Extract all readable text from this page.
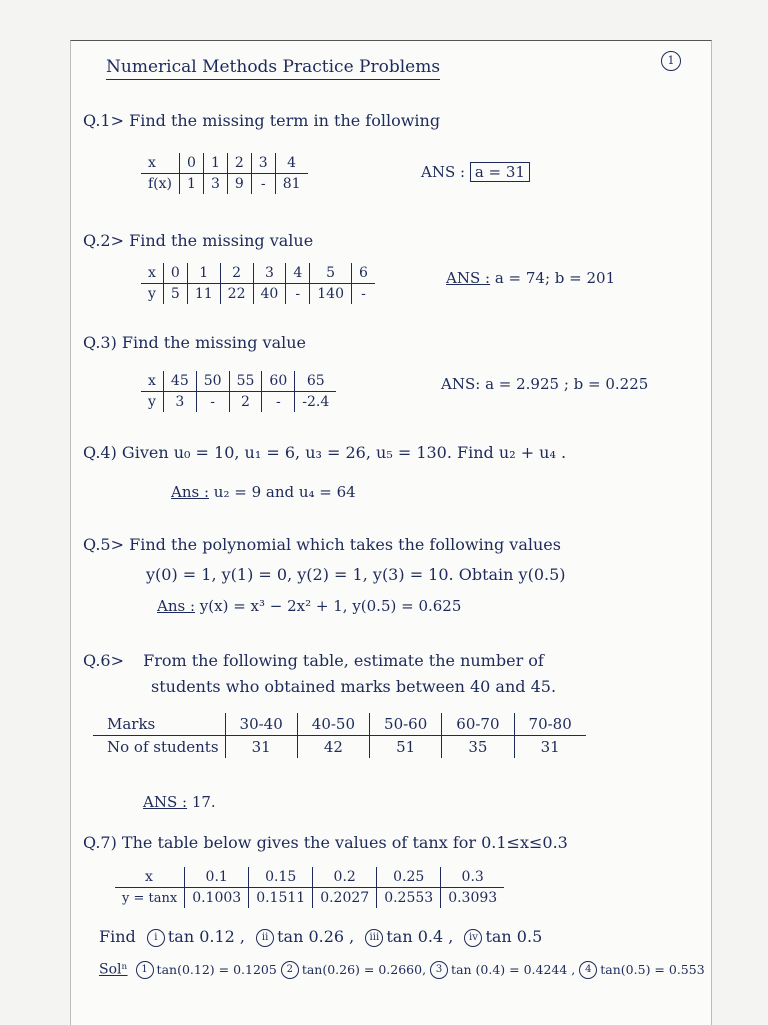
Numerical Methods Practice Problems	1
Q.1> Find the missing term in the following
x	0	1	2	3	4
f(x)	1	3	9	-	81
ANS : a = 31
Q.2> Find the missing value
x	0	1	2	3	4	5	6
y	5	11	22	40	-	140	-
ANS : a = 74; b = 201
Q.3) Find the missing value
x	45	50	55	60	65
y	3	-	2	-	-2.4
ANS: a = 2.925 ; b = 0.225
Q.4) Given u₀ = 10, u₁ = 6, u₃ = 26, u₅ = 130. Find u₂ + u₄ .
Ans : u₂ = 9 and u₄ = 64
Q.5> Find the polynomial which takes the following values
y(0) = 1, y(1) = 0, y(2) = 1, y(3) = 10. Obtain y(0.5)
Ans : y(x) = x³ − 2x² + 1, y(0.5) = 0.625
Q.6> From the following table, estimate the number of
students who obtained marks between 40 and 45.
Marks	30-40	40-50	50-60	60-70	70-80
No of students	31	42	51	35	31
ANS : 17.
Q.7) The table below gives the values of tanx for 0.1≤x≤0.3
x	0.1	0.15	0.2	0.25	0.3
y = tanx	0.1003	0.1511	0.2027	0.2553	0.3093
Find i tan 0.12 , ii tan 0.26 , iii tan 0.4 , iv tan 0.5
Solⁿ 1 tan(0.12) = 0.1205 2 tan(0.26) = 0.2660, 3 tan (0.4) = 0.4244 , 4 tan(0.5) = 0.553
